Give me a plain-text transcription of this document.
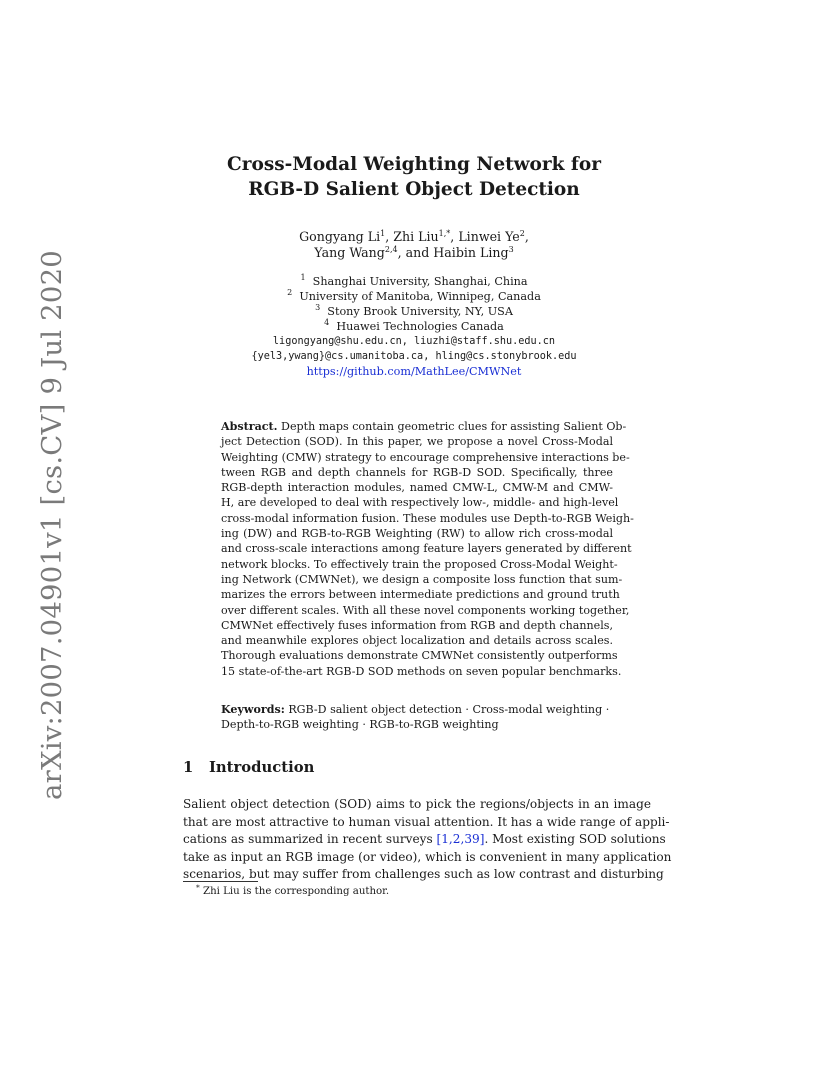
arXiv:2007.04901v1 [cs.CV] 9 Jul 2020
Cross-Modal Weighting Network for
RGB-D Salient Object Detection
Gongyang Li$^1$, Zhi Liu$^{1,*}$, Linwei Ye$^2$,
Yang Wang$^{2,4}$, and Haibin Ling$^3$
$^1$ Shanghai University, Shanghai, China
$^2$ University of Manitoba, Winnipeg, Canada
$^3$ Stony Brook University, NY, USA
$^4$ Huawei Technologies Canada
ligongyang@shu.edu.cn, liuzhi@staff.shu.edu.cn
{yel3,ywang}@cs.umanitoba.ca, hling@cs.stonybrook.edu
https://github.com/MathLee/CMWNet
Abstract. Depth maps contain geometric clues for assisting Salient Ob-
ject Detection (SOD). In this paper, we propose a novel Cross-Modal
Weighting (CMW) strategy to encourage comprehensive interactions be-
tween RGB and depth channels for RGB-D SOD. Specifically, three
RGB-depth interaction modules, named CMW-L, CMW-M and CMW-
H, are developed to deal with respectively low-, middle- and high-level
cross-modal information fusion. These modules use Depth-to-RGB Weigh-
ing (DW) and RGB-to-RGB Weighting (RW) to allow rich cross-modal
and cross-scale interactions among feature layers generated by different
network blocks. To effectively train the proposed Cross-Modal Weight-
ing Network (CMWNet), we design a composite loss function that sum-
marizes the errors between intermediate predictions and ground truth
over different scales. With all these novel components working together,
CMWNet effectively fuses information from RGB and depth channels,
and meanwhile explores object localization and details across scales.
Thorough evaluations demonstrate CMWNet consistently outperforms
15 state-of-the-art RGB-D SOD methods on seven popular benchmarks.
Keywords: RGB-D salient object detection · Cross-modal weighting ·
Depth-to-RGB weighting · RGB-to-RGB weighting
1 Introduction
Salient object detection (SOD) aims to pick the regions/objects in an image
that are most attractive to human visual attention. It has a wide range of appli-
cations as summarized in recent surveys [1,2,39]. Most existing SOD solutions
take as input an RGB image (or video), which is convenient in many application
scenarios, but may suffer from challenges such as low contrast and disturbing
* Zhi Liu is the corresponding author.
